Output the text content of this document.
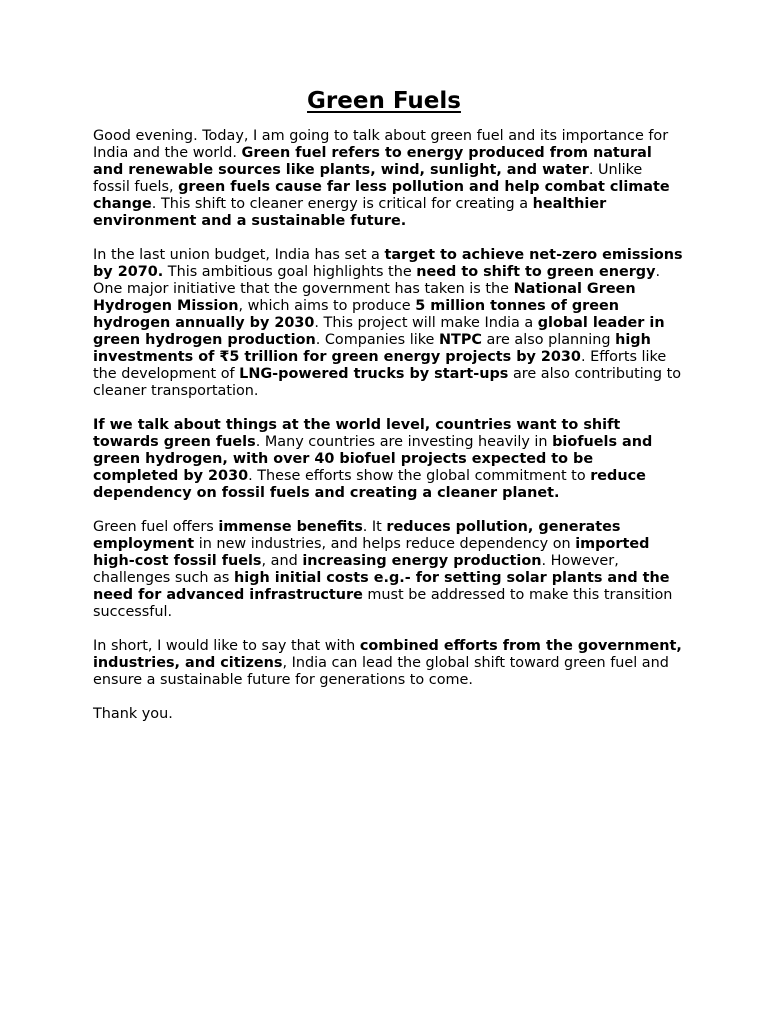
Green Fuels

Good evening. Today, I am going to talk about green fuel and its importance for India and the world. Green fuel refers to energy produced from natural and renewable sources like plants, wind, sunlight, and water. Unlike fossil fuels, green fuels cause far less pollution and help combat climate change. This shift to cleaner energy is critical for creating a healthier environment and a sustainable future.

In the last union budget, India has set a target to achieve net-zero emissions by 2070. This ambitious goal highlights the need to shift to green energy. One major initiative that the government has taken is the National Green Hydrogen Mission, which aims to produce 5 million tonnes of green hydrogen annually by 2030. This project will make India a global leader in green hydrogen production. Companies like NTPC are also planning high investments of ₹5 trillion for green energy projects by 2030. Efforts like the development of LNG-powered trucks by start-ups are also contributing to cleaner transportation.

If we talk about things at the world level, countries want to shift towards green fuels. Many countries are investing heavily in biofuels and green hydrogen, with over 40 biofuel projects expected to be completed by 2030. These efforts show the global commitment to reduce dependency on fossil fuels and creating a cleaner planet.

Green fuel offers immense benefits. It reduces pollution, generates employment in new industries, and helps reduce dependency on imported high-cost fossil fuels, and increasing energy production. However, challenges such as high initial costs e.g.- for setting solar plants and the need for advanced infrastructure must be addressed to make this transition successful.

In short, I would like to say that with combined efforts from the government, industries, and citizens, India can lead the global shift toward green fuel and ensure a sustainable future for generations to come.

Thank you.
